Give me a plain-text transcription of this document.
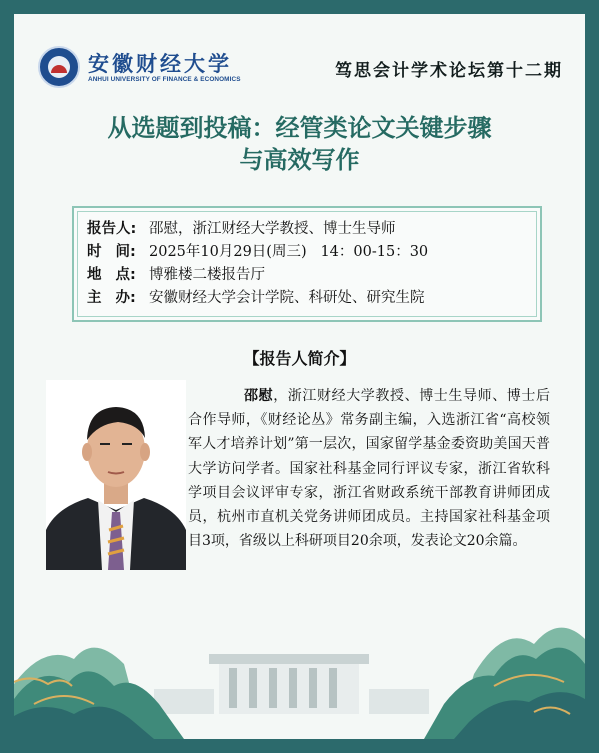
安徽财经大学
ANHUI UNIVERSITY OF FINANCE & ECONOMICS	笃思会计学术论坛第十二期
从选题到投稿：经管类论文关键步骤
与高效写作
报告人: 邵慰，浙江财经大学教授、博士生导师
时 间: 2025年10月29日(周三)   14：00-15：30
地 点: 博雅楼二楼报告厅
主 办: 安徽财经大学会计学院、科研处、研究生院
【报告人简介】
邵慰，浙江财经大学教授、博士生导师、博士后合作导师，《财经论丛》常务副主编，入选浙江省“高校领军人才培养计划”第一层次，国家留学基金委资助美国天普大学访问学者。国家社科基金同行评议专家，浙江省软科学项目会议评审专家，浙江省财政系统干部教育讲师团成员，杭州市直机关党务讲师团成员。主持国家社科基金项目3项，省级以上科研项目20余项，发表论文20余篇。
